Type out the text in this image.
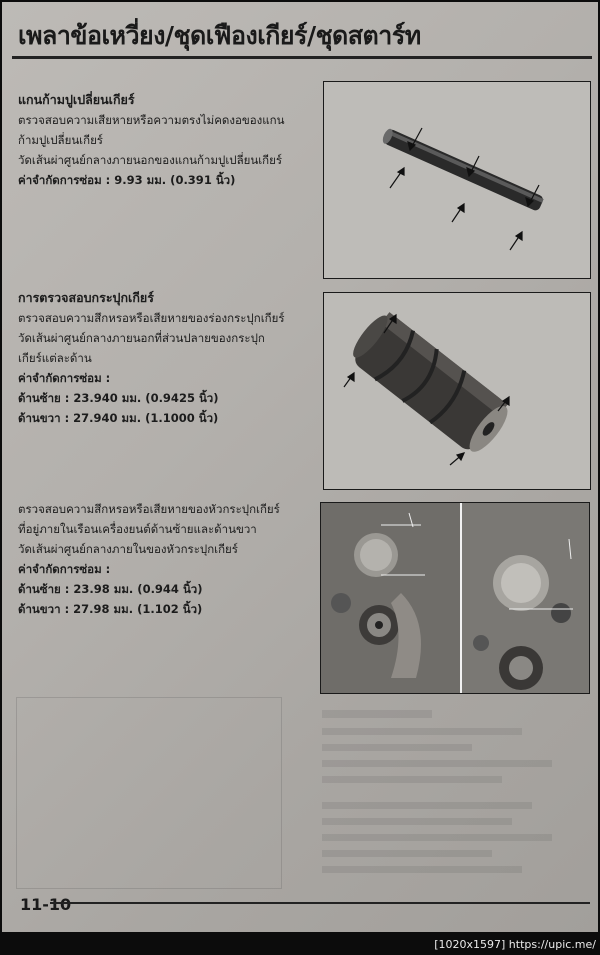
เพลาข้อเหวี่ยง/ชุดเฟืองเกียร์/ชุดสตาร์ท
แกนก้ามปูเปลี่ยนเกียร์
ตรวจสอบความเสียหายหรือความตรงไม่คดงอของแกน
ก้ามปูเปลี่ยนเกียร์
วัดเส้นผ่าศูนย์กลางภายนอกของแกนก้ามปูเปลี่ยนเกียร์
ค่าจำกัดการซ่อม : 9.93 มม. (0.391 นิ้ว)
การตรวจสอบกระปุกเกียร์
ตรวจสอบความสึกหรอหรือเสียหายของร่องกระปุกเกียร์
วัดเส้นผ่าศูนย์กลางภายนอกที่ส่วนปลายของกระปุก
เกียร์แต่ละด้าน
ค่าจำกัดการซ่อม :
ด้านซ้าย : 23.940 มม. (0.9425 นิ้ว)
ด้านขวา : 27.940 มม. (1.1000 นิ้ว)
ตรวจสอบความสึกหรอหรือเสียหายของหัวกระปุกเกียร์
ที่อยู่ภายในเรือนเครื่องยนต์ด้านซ้ายและด้านขวา
วัดเส้นผ่าศูนย์กลางภายในของหัวกระปุกเกียร์
ค่าจำกัดการซ่อม :
ด้านซ้าย : 23.98 มม. (0.944 นิ้ว)
ด้านขวา : 27.98 มม. (1.102 นิ้ว)
11-10
[1020x1597] https://upic.me/
